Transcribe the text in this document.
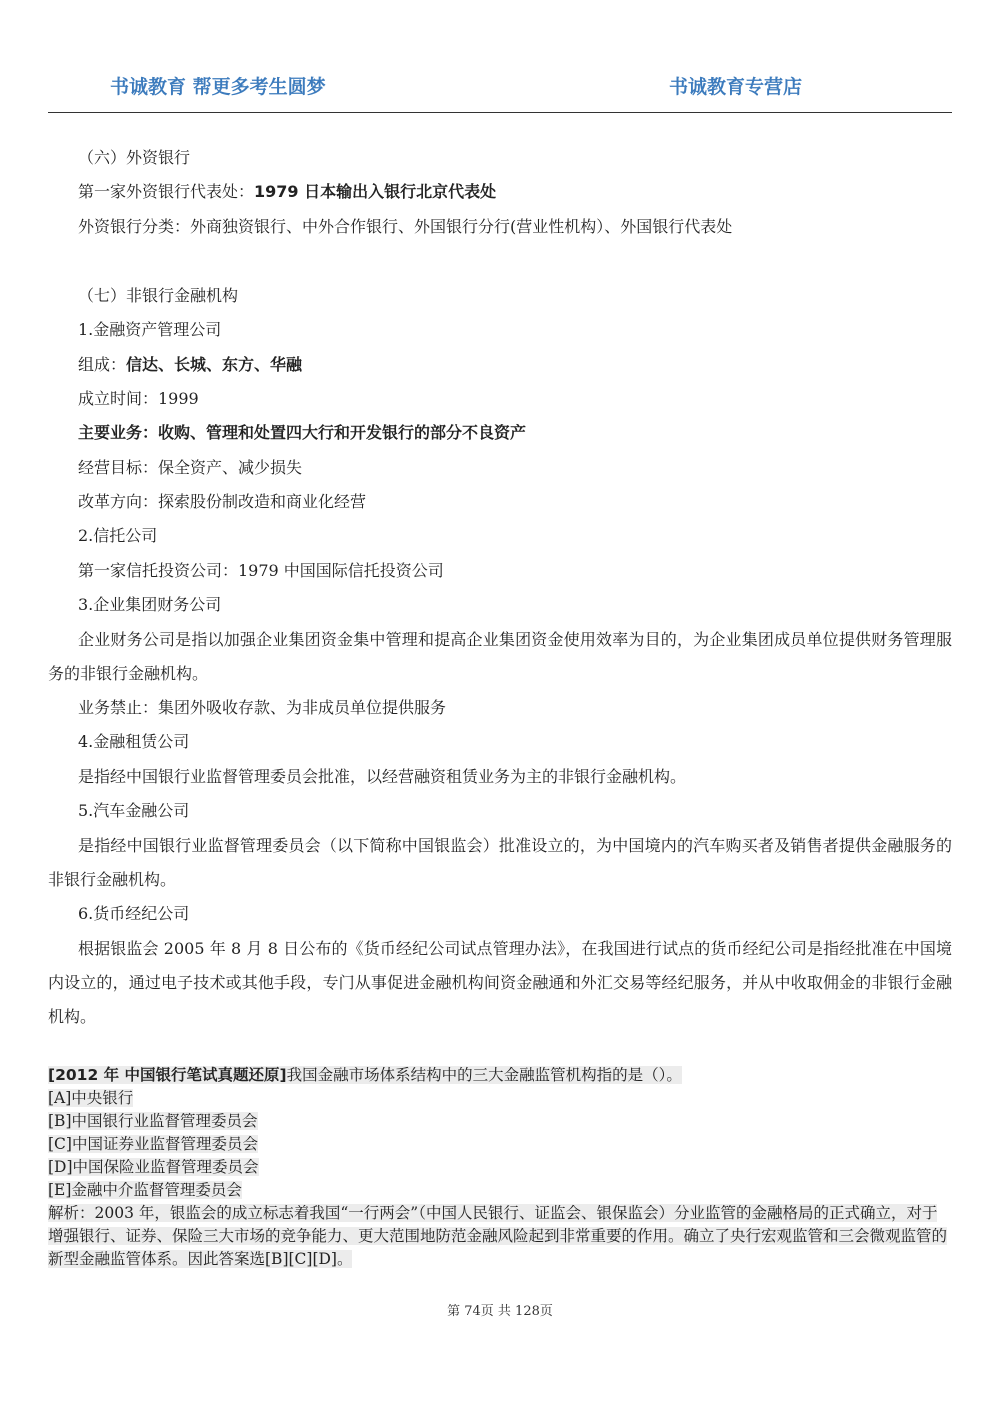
书诚教育 帮更多考生圆梦	书诚教育专营店
（六）外资银行
第一家外资银行代表处：1979 日本输出入银行北京代表处
外资银行分类：外商独资银行、中外合作银行、外国银行分行(营业性机构）、外国银行代表处
（七）非银行金融机构
1.金融资产管理公司
组成：信达、长城、东方、华融
成立时间：1999
主要业务：收购、管理和处置四大行和开发银行的部分不良资产
经营目标：保全资产、减少损失
改革方向：探索股份制改造和商业化经营
2.信托公司
第一家信托投资公司：1979 中国国际信托投资公司
3.企业集团财务公司
企业财务公司是指以加强企业集团资金集中管理和提高企业集团资金使用效率为目的，为企业集团成员单位提供财务管理服务的非银行金融机构。
业务禁止：集团外吸收存款、为非成员单位提供服务
4.金融租赁公司
是指经中国银行业监督管理委员会批准，以经营融资租赁业务为主的非银行金融机构。
5.汽车金融公司
是指经中国银行业监督管理委员会（以下简称中国银监会）批准设立的，为中国境内的汽车购买者及销售者提供金融服务的非银行金融机构。
6.货币经纪公司
根据银监会 2005 年 8 月 8 日公布的《货币经纪公司试点管理办法》，在我国进行试点的货币经纪公司是指经批准在中国境内设立的，通过电子技术或其他手段，专门从事促进金融机构间资金融通和外汇交易等经纪服务，并从中收取佣金的非银行金融机构。
[2012 年 中国银行笔试真题还原]我国金融市场体系结构中的三大金融监管机构指的是（）。
[A]中央银行
[B]中国银行业监督管理委员会
[C]中国证券业监督管理委员会
[D]中国保险业监督管理委员会
[E]金融中介监督管理委员会
解析：2003 年，银监会的成立标志着我国“一行两会”（中国人民银行、证监会、银保监会）分业监管的金融格局的正式确立，对于增强银行、证券、保险三大市场的竞争能力、更大范围地防范金融风险起到非常重要的作用。确立了央行宏观监管和三会微观监管的新型金融监管体系。因此答案选[B][C][D]。
第 74页 共 128页
